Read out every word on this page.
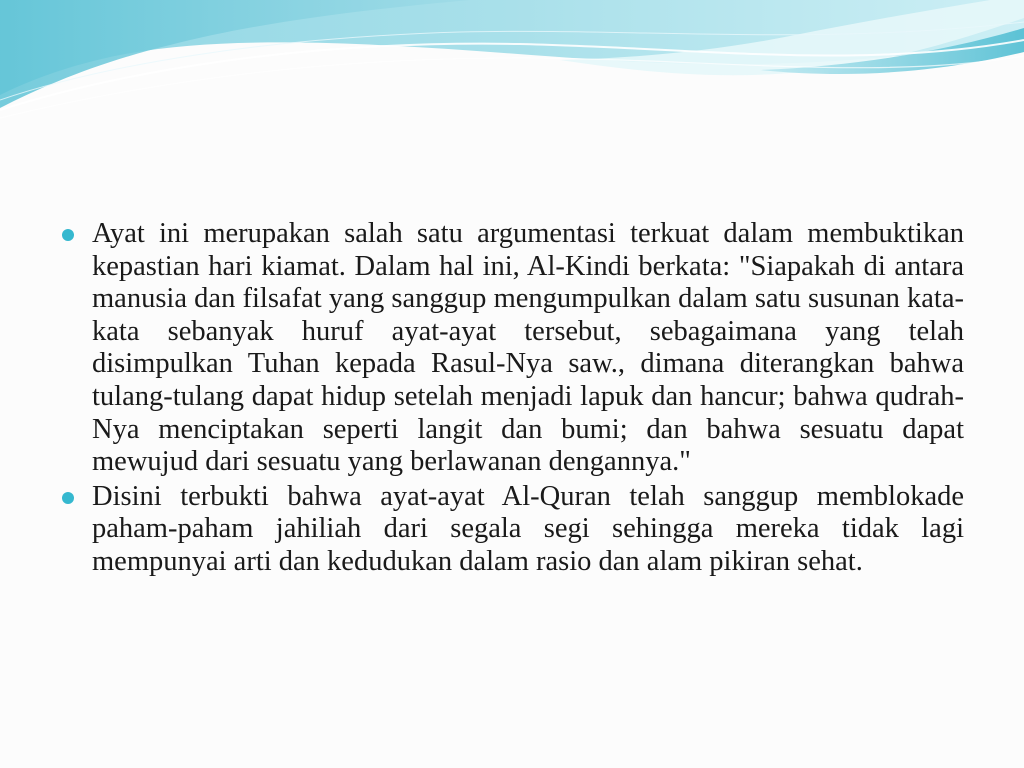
Ayat ini merupakan salah satu argumentasi terkuat dalam membuktikan kepastian hari kiamat. Dalam hal ini, Al-Kindi berkata: "Siapakah di antara manusia dan filsafat yang sanggup mengumpulkan dalam satu susunan kata-kata sebanyak huruf ayat-ayat tersebut, sebagaimana yang telah disimpulkan Tuhan kepada Rasul-Nya saw., dimana diterangkan bahwa tulang-tulang dapat hidup setelah menjadi lapuk dan hancur; bahwa qudrah-Nya menciptakan seperti langit dan bumi; dan bahwa sesuatu dapat mewujud dari sesuatu yang berlawanan dengannya."
Disini terbukti bahwa ayat-ayat Al-Quran telah sanggup memblokade paham-paham jahiliah dari segala segi sehingga mereka tidak lagi mempunyai arti dan kedudukan dalam rasio dan alam pikiran sehat.
